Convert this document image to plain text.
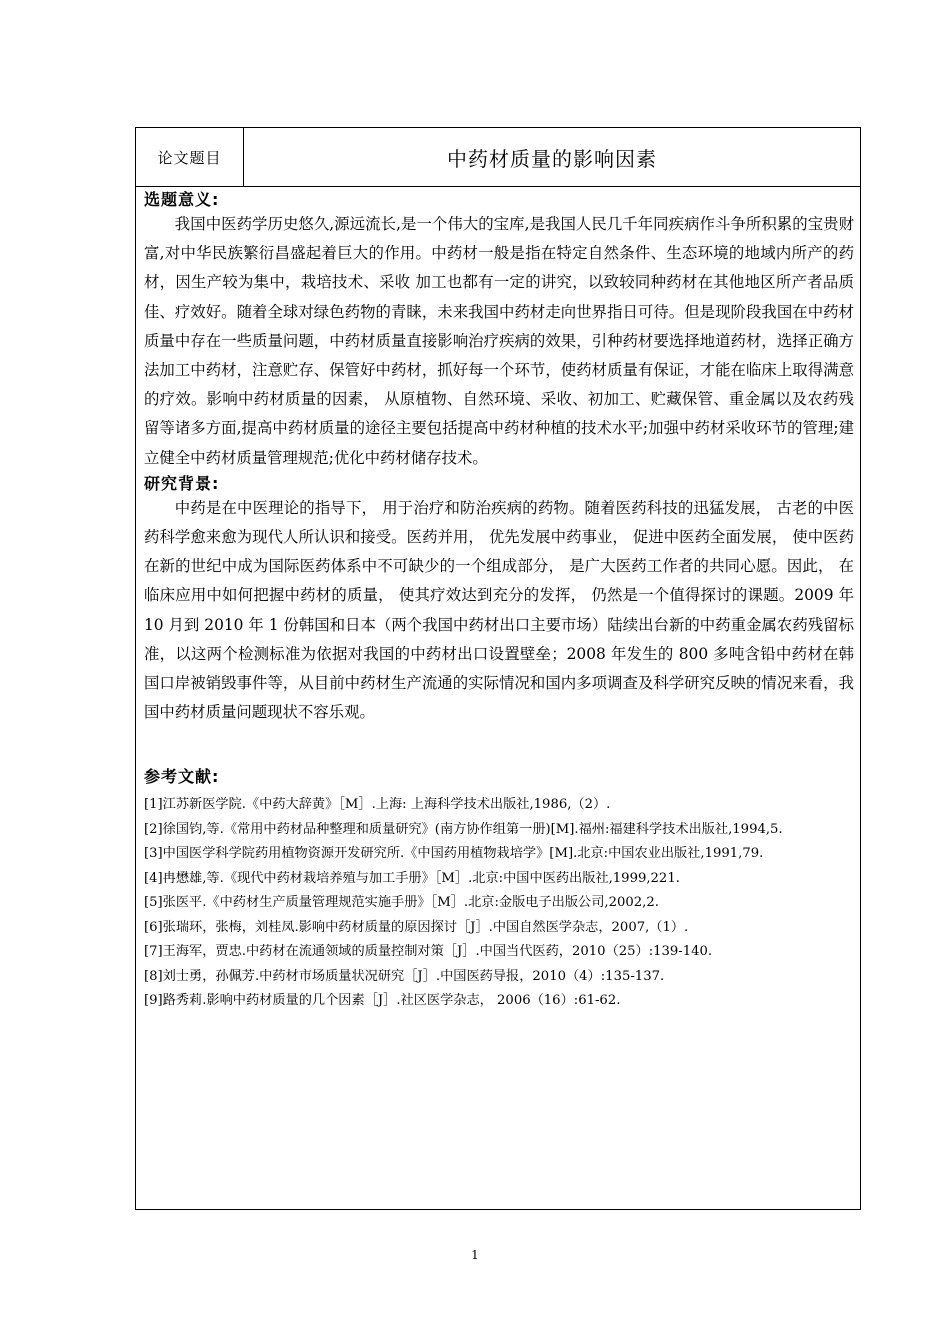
论文题目	中药材质量的影响因素
选题意义:

我国中医药学历史悠久,源远流长,是一个伟大的宝库,是我国人民几千年同疾病作斗争所积累的宝贵财富,对中华民族繁衍昌盛起着巨大的作用。中药材一般是指在特定自然条件、生态环境的地域内所产的药材，因生产较为集中，栽培技术、采收 加工也都有一定的讲究，以致较同种药材在其他地区所产者品质佳、疗效好。随着全球对绿色药物的青睐，未来我国中药材走向世界指日可待。但是现阶段我国在中药材质量中存在一些质量问题，中药材质量直接影响治疗疾病的效果，引种药材要选择地道药材，选择正确方法加工中药材，注意贮存、保管好中药材，抓好每一个环节，使药材质量有保证，才能在临床上取得满意的疗效。影响中药材质量的因素， 从原植物、自然环境、采收、初加工、贮藏保管、重金属以及农药残留等诸多方面,提高中药材质量的途径主要包括提高中药材种植的技术水平;加强中药材采收环节的管理;建立健全中药材质量管理规范;优化中药材储存技术。

研究背景:

中药是在中医理论的指导下， 用于治疗和防治疾病的药物。随着医药科技的迅猛发展， 古老的中医药科学愈来愈为现代人所认识和接受。医药并用， 优先发展中药事业， 促进中医药全面发展， 使中医药在新的世纪中成为国际医药体系中不可缺少的一个组成部分， 是广大医药工作者的共同心愿。因此， 在临床应用中如何把握中药材的质量， 使其疗效达到充分的发挥， 仍然是一个值得探讨的课题。2009 年 10 月到 2010 年 1 份韩国和日本（两个我国中药材出口主要市场）陆续出台新的中药重金属农药残留标准，以这两个检测标准为依据对我国的中药材出口设置壁垒；2008 年发生的 800 多吨含铅中药材在韩国口岸被销毁事件等，从目前中药材生产流通的实际情况和国内多项调查及科学研究反映的情况来看，我国中药材质量问题现状不容乐观。

参考文献:
[1]江苏新医学院.《中药大辞黄》［M］.上海: 上海科学技术出版社,1986,（2）.
[2]徐国钧,等.《常用中药材品种整理和质量研究》(南方协作组第一册)[M].福州:福建科学技术出版社,1994,5.
[3]中国医学科学院药用植物资源开发研究所.《中国药用植物栽培学》[M].北京:中国农业出版社,1991,79.
[4]冉懋雄,等.《现代中药材栽培养殖与加工手册》［M］.北京:中国中医药出版社,1999,221.
[5]张医平.《中药材生产质量管理规范实施手册》［M］.北京:金版电子出版公司,2002,2.
[6]张瑞环，张梅，刘桂凤.影响中药材质量的原因探讨［J］.中国自然医学杂志，2007,（1）.
[7]王海军，贾忠.中药材在流通领域的质量控制对策［J］.中国当代医药，2010（25）:139-140.
[8]刘士勇，孙佩芳.中药材市场质量状况研究［J］.中国医药导报，2010（4）:135-137.
[9]路秀莉.影响中药材质量的几个因素［J］.社区医学杂志， 2006（16）:61-62.
1
